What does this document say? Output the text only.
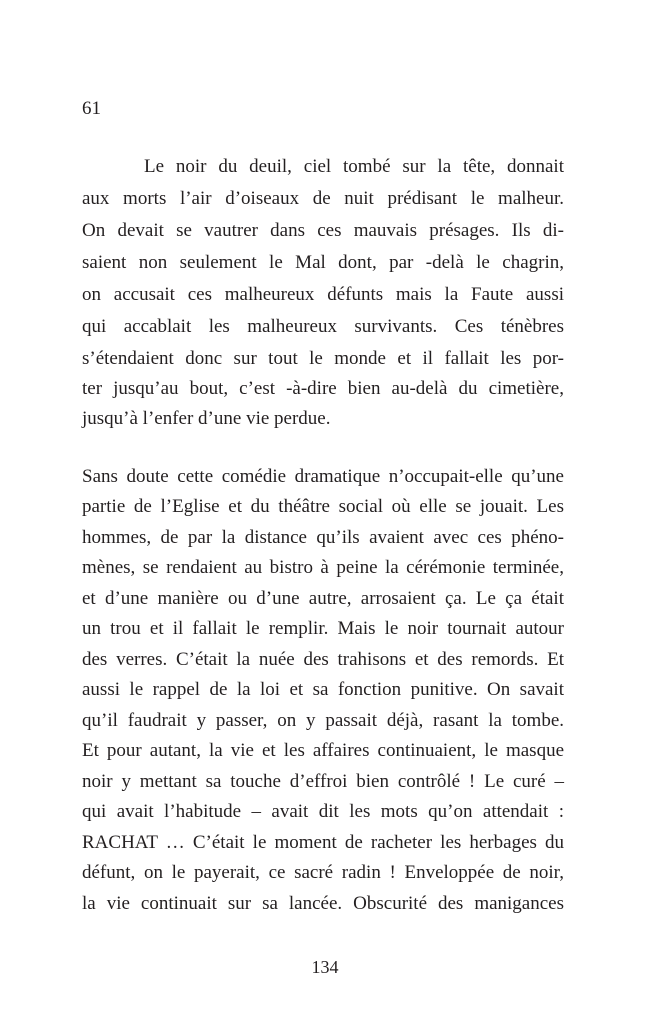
61

Le noir du deuil, ciel tombé sur la tête, donnait

aux morts l’air d’oiseaux de nuit prédisant le malheur.

On devait se vautrer dans ces mauvais présages. Ils di-

saient non seulement le Mal dont, par -delà le chagrin,

on accusait ces malheureux défunts mais la Faute aussi

qui accablait les malheureux survivants. Ces ténèbres

s’étendaient donc sur tout le monde et il fallait les por-

ter jusqu’au bout, c’est -à-dire bien au-delà du cimetière,

jusqu’à l’enfer d’une vie perdue.

Sans doute cette comédie dramatique n’occupait-elle qu’une

partie de l’Eglise et du théâtre social où elle se jouait. Les

hommes, de par la distance qu’ils avaient avec ces phéno-

mènes, se rendaient au bistro à peine la cérémonie terminée,

et d’une manière ou d’une autre, arrosaient ça. Le ça était

un trou et il fallait le remplir. Mais le noir tournait autour

des verres. C’était la nuée des trahisons et des remords. Et

aussi le rappel de la loi et sa fonction punitive. On savait

qu’il faudrait y passer, on y passait déjà, rasant la tombe.

Et pour autant, la vie et les affaires continuaient, le masque

noir y mettant sa touche d’effroi bien contrôlé ! Le curé –

qui avait l’habitude – avait dit les mots qu’on attendait :

RACHAT … C’était le moment de racheter les herbages du

défunt, on le payerait, ce sacré radin ! Enveloppée de noir,

la vie continuait sur sa lancée. Obscurité des manigances

134
